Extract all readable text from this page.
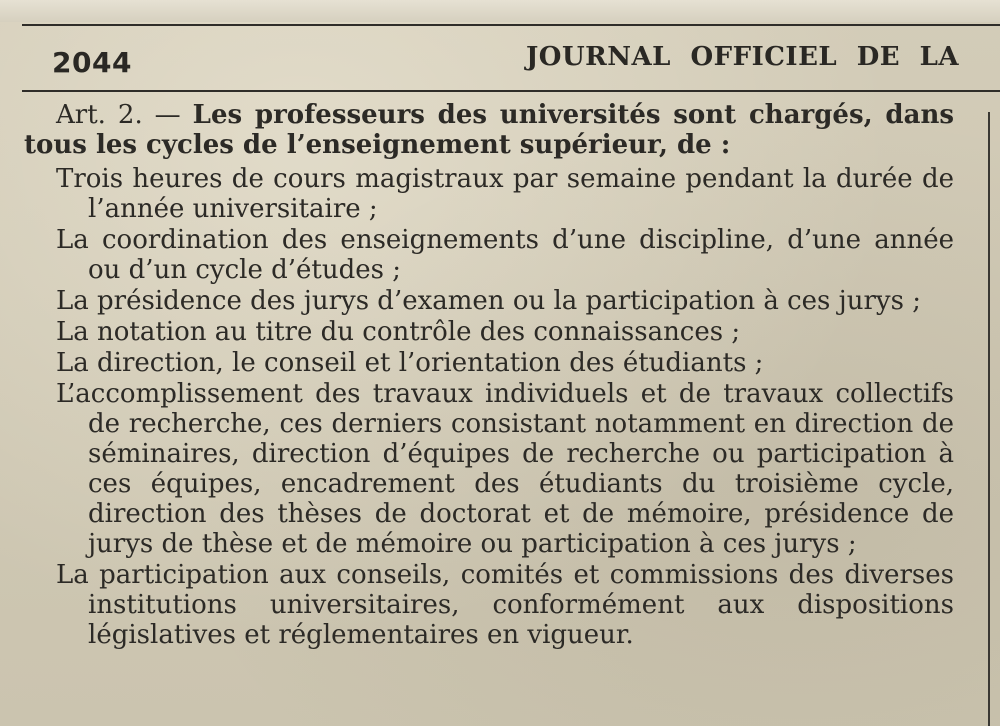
2044	JOURNAL OFFICIEL DE LA

Art. 2. — Les professeurs des universités sont chargés, dans tous les cycles de l’enseignement supérieur, de :

Trois heures de cours magistraux par semaine pendant la durée de l’année universitaire ;
La coordination des enseignements d’une discipline, d’une année ou d’un cycle d’études ;
La présidence des jurys d’examen ou la participation à ces jurys ;
La notation au titre du contrôle des connaissances ;
La direction, le conseil et l’orientation des étudiants ;
L’accomplissement des travaux individuels et de travaux collectifs de recherche, ces derniers consistant notamment en direction de séminaires, direction d’équipes de recherche ou participation à ces équipes, encadrement des étudiants du troisième cycle, direction des thèses de doctorat et de mémoire, présidence de jurys de thèse et de mémoire ou participation à ces jurys ;
La participation aux conseils, comités et commissions des diverses institutions universitaires, conformément aux dispositions législatives et réglementaires en vigueur.
